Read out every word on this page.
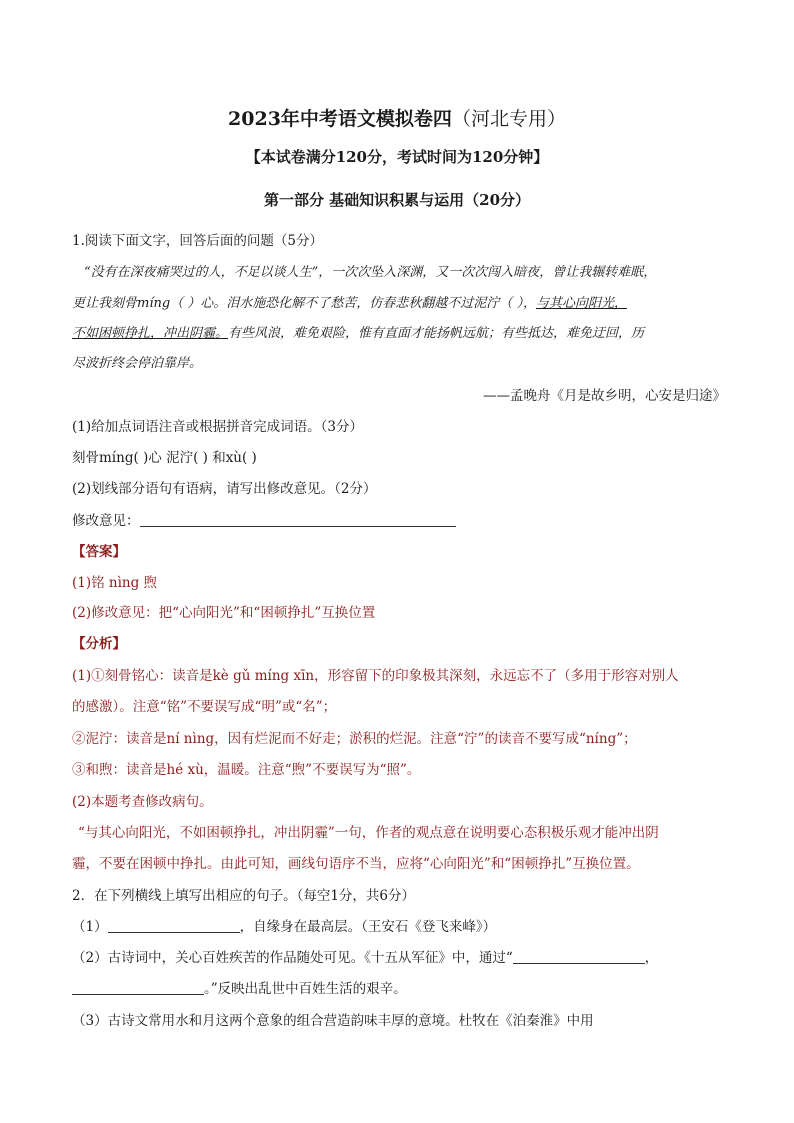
2023年中考语文模拟卷四（河北专用）
【本试卷满分120分，考试时间为120分钟】
第一部分 基础知识积累与运用（20分）
1.阅读下面文字，回答后面的问题（5分）
“没有在深夜痛哭过的人，不足以谈人生”，一次次坠入深渊，又一次次闯入暗夜，曾让我辗转难眠，
更让我刻骨míng（ ）心。泪水施恐化解不了愁苦，仿春悲秋翻越不过泥泞（ ），与其心向阳光，
不如困顿挣扎，冲出阴霾。有些风浪，难免艰险，惟有直面才能扬帆远航；有些抵达，难免迂回，历
尽波折终会停泊靠岸。
——孟晚舟《月是故乡明，心安是归途》
(1)给加点词语注音或根据拼音完成词语。（3分）
刻骨míng( )心 泥泞( ) 和xù( )
(2)划线部分语句有语病，请写出修改意见。（2分）
修改意见：
【答案】
(1)铭 nìng 煦
(2)修改意见：把“心向阳光”和“困顿挣扎”互换位置
【分析】
(1)①刻骨铭心：读音是kè gǔ míng xīn，形容留下的印象极其深刻，永远忘不了（多用于形容对别人
的感激）。注意“铭”不要误写成“明”或“名”；
②泥泞：读音是ní nìng，因有烂泥而不好走；淤积的烂泥。注意“泞”的读音不要写成“níng”；
③和煦：读音是hé xù，温暖。注意“煦”不要误写为“照”。
(2)本题考查修改病句。
“与其心向阳光，不如困顿挣扎，冲出阴霾”一句，作者的观点意在说明要心态积极乐观才能冲出阴
霾，不要在困顿中挣扎。由此可知，画线句语序不当，应将“心向阳光”和“困顿挣扎”互换位置。
2．在下列横线上填写出相应的句子。（每空1分，共6分）
（1）	，自缘身在最高层。（王安石《登飞来峰》）
（2）古诗词中，关心百姓疾苦的作品随处可见。《十五从军征》中，通过“	，
。”反映出乱世中百姓生活的艰辛。
（3）古诗文常用水和月这两个意象的组合营造韵味丰厚的意境。杜牧在《泊秦淮》中用
